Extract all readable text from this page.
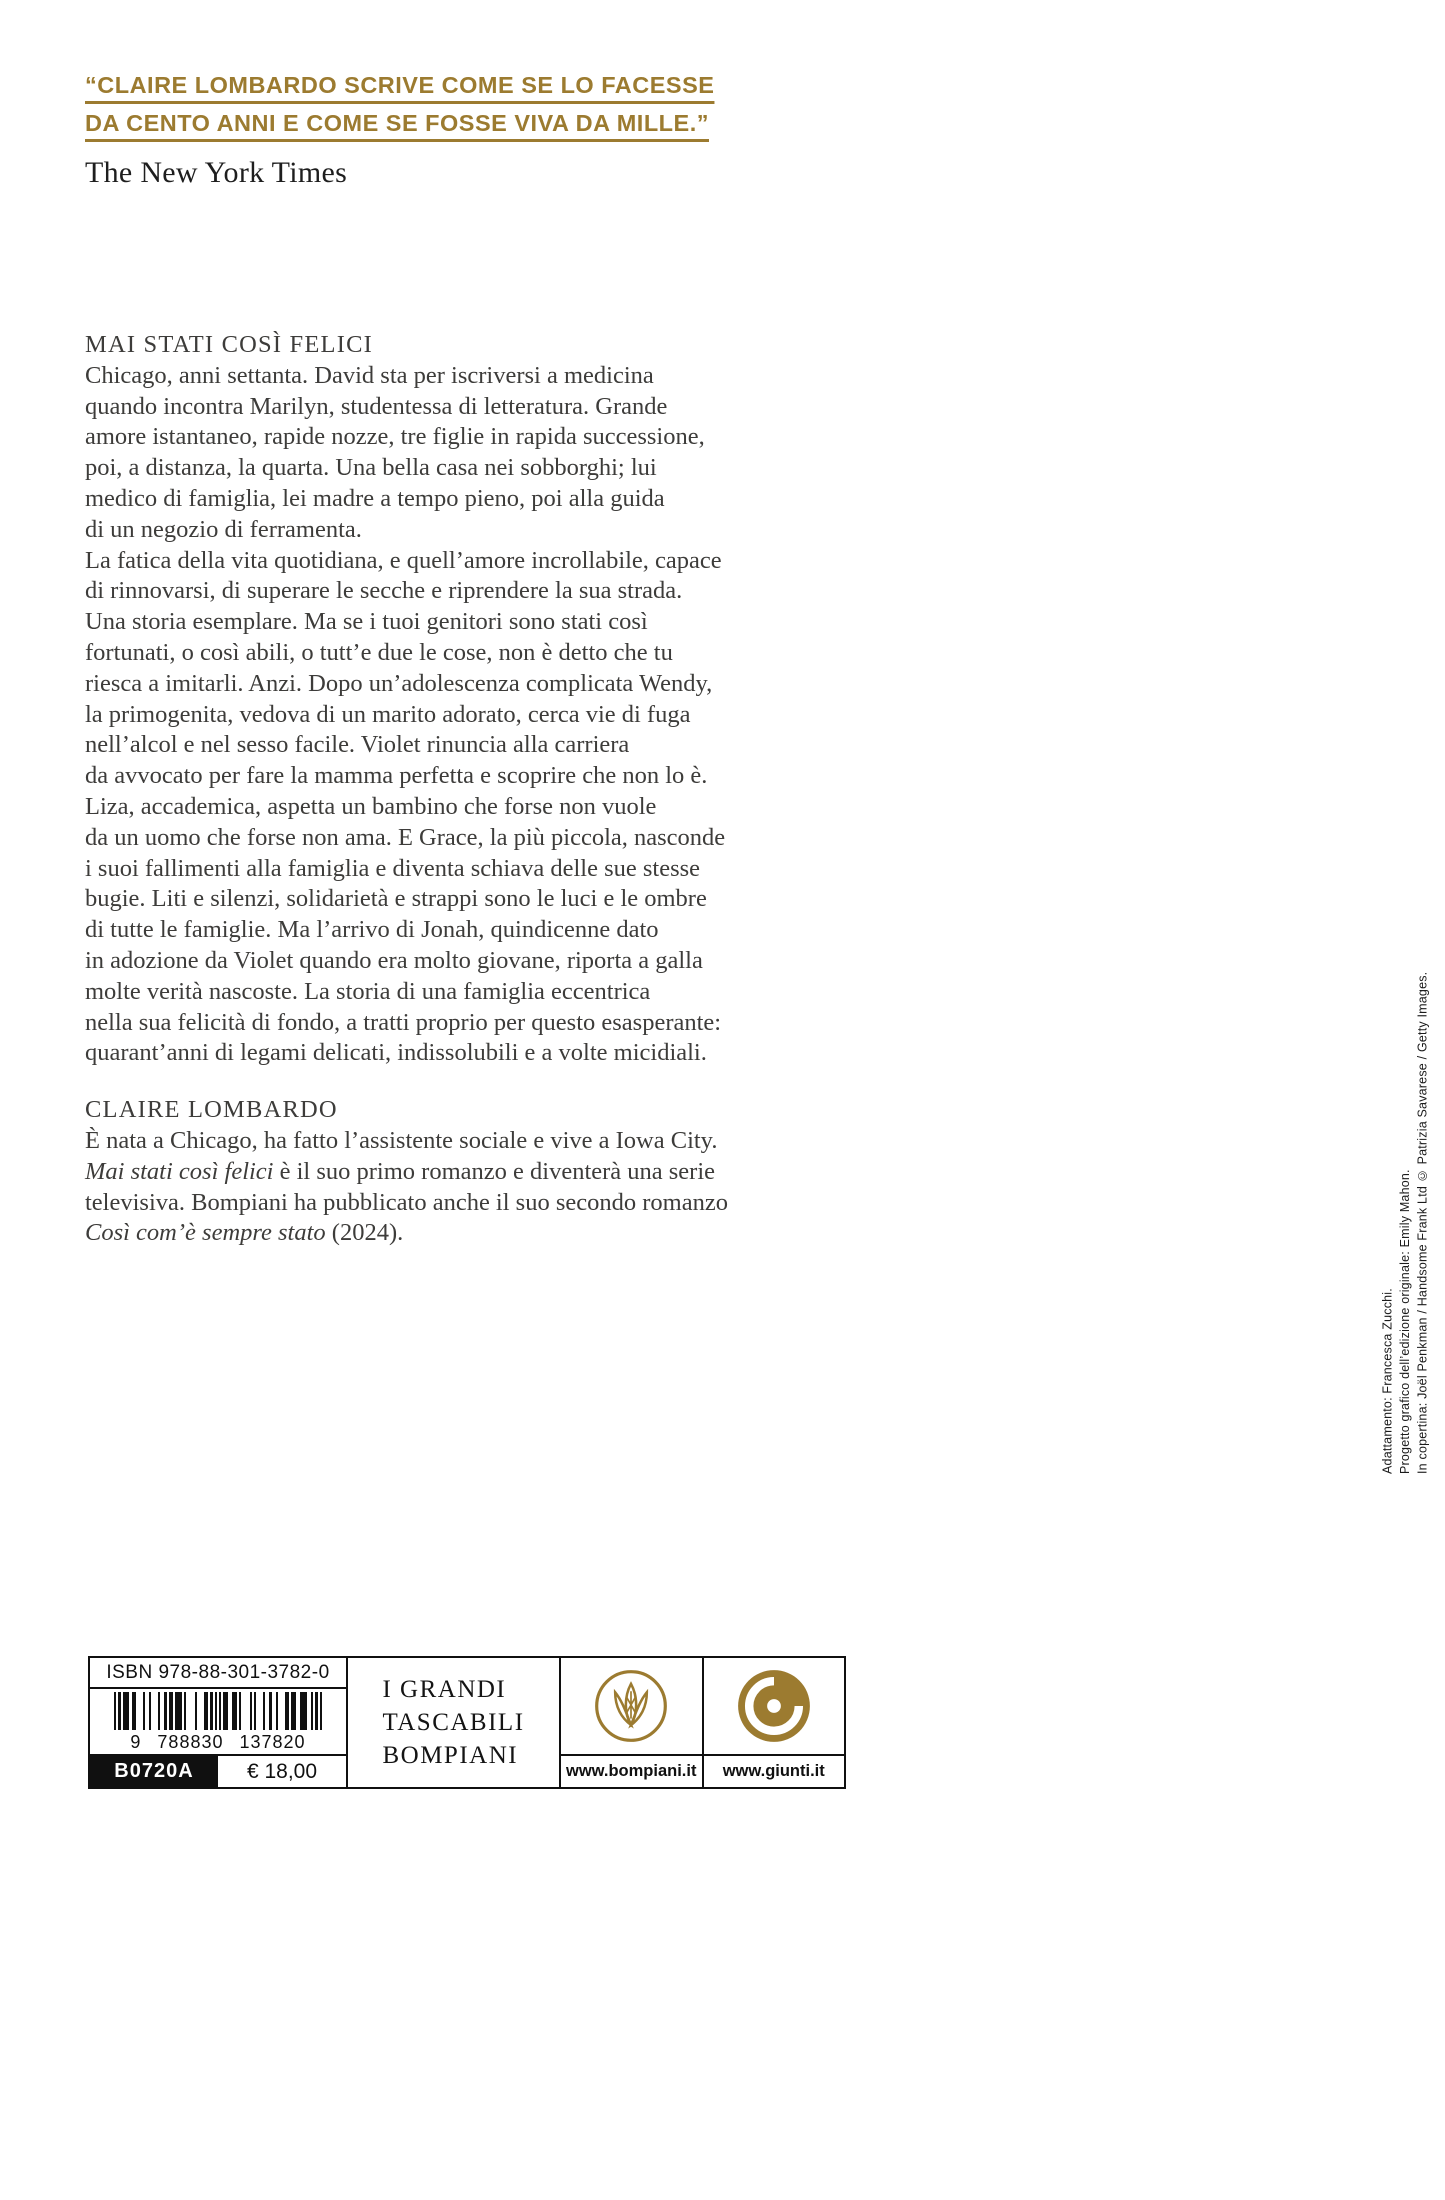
“CLAIRE LOMBARDO SCRIVE COME SE LO FACESSE
DA CENTO ANNI E COME SE FOSSE VIVA DA MILLE.”
The New York Times
MAI STATI COSÌ FELICI
Chicago, anni settanta. David sta per iscriversi a medicina
quando incontra Marilyn, studentessa di letteratura. Grande
amore istantaneo, rapide nozze, tre figlie in rapida successione,
poi, a distanza, la quarta. Una bella casa nei sobborghi; lui
medico di famiglia, lei madre a tempo pieno, poi alla guida
di un negozio di ferramenta.
La fatica della vita quotidiana, e quell’amore incrollabile, capace
di rinnovarsi, di superare le secche e riprendere la sua strada.
Una storia esemplare. Ma se i tuoi genitori sono stati così
fortunati, o così abili, o tutt’e due le cose, non è detto che tu
riesca a imitarli. Anzi. Dopo un’adolescenza complicata Wendy,
la primogenita, vedova di un marito adorato, cerca vie di fuga
nell’alcol e nel sesso facile. Violet rinuncia alla carriera
da avvocato per fare la mamma perfetta e scoprire che non lo è.
Liza, accademica, aspetta un bambino che forse non vuole
da un uomo che forse non ama. E Grace, la più piccola, nasconde
i suoi fallimenti alla famiglia e diventa schiava delle sue stesse
bugie. Liti e silenzi, solidarietà e strappi sono le luci e le ombre
di tutte le famiglie. Ma l’arrivo di Jonah, quindicenne dato
in adozione da Violet quando era molto giovane, riporta a galla
molte verità nascoste. La storia di una famiglia eccentrica
nella sua felicità di fondo, a tratti proprio per questo esasperante:
quarant’anni di legami delicati, indissolubili e a volte micidiali.
CLAIRE LOMBARDO
È nata a Chicago, ha fatto l’assistente sociale e vive a Iowa City.
Mai stati così felici è il suo primo romanzo e diventerà una serie
televisiva. Bompiani ha pubblicato anche il suo secondo romanzo
Così com’è sempre stato (2024).
ISBN 978-88-301-3782-0
9 788830 137820
B0720A	€ 18,00
I GRANDI
TASCABILI
BOMPIANI
www.bompiani.it	www.giunti.it
In copertina: Joël Penkman / Handsome Frank Ltd © Patrizia Savarese / Getty Images.
Progetto grafico dell’edizione originale: Emily Mahon.
Adattamento: Francesca Zucchi.
